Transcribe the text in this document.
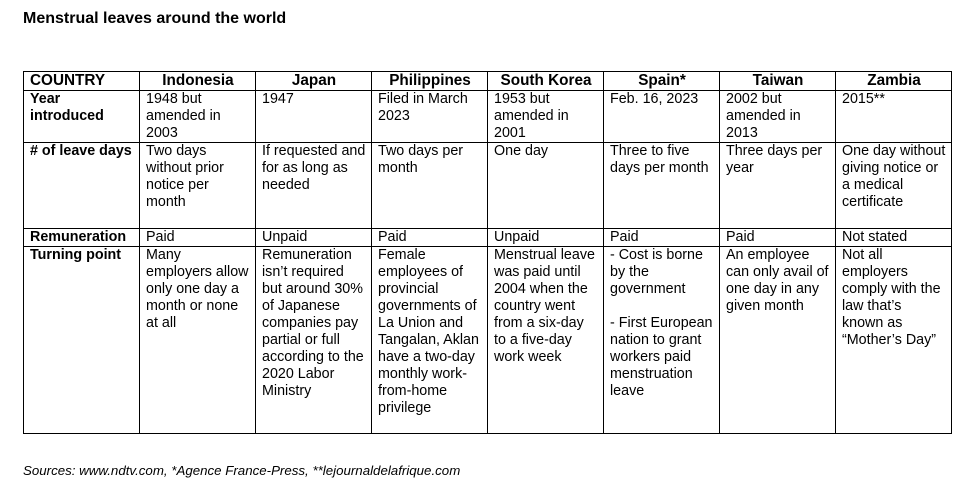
Menstrual leaves around the world
COUNTRY	Indonesia	Japan	Philippines	South Korea	Spain*	Taiwan	Zambia
Year introduced	1948 but amended in 2003	1947	Filed in March 2023	1953 but amended in 2001	Feb. 16, 2023	2002 but amended in 2013	2015**
# of leave days	Two days without prior notice per month	If requested and for as long as needed	Two days per month	One day	Three to five days per month	Three days per year	One day without giving notice or a medical certificate
Remuneration	Paid	Unpaid	Paid	Unpaid	Paid	Paid	Not stated
Turning point	Many employers allow only one day a month or none at all	Remuneration isn’t required but around 30% of Japanese companies pay partial or full according to the 2020 Labor Ministry	Female employees of provincial governments of La Union and Tangalan, Aklan have a two-day monthly work-from-home privilege	Menstrual leave was paid until 2004 when the country went from a six-day to a five-day work week	- Cost is borne by the government

- First European nation to grant workers paid menstruation leave	An employee can only avail of one day in any given month	Not all employers comply with the law that’s known as “Mother’s Day”

Sources: www.ndtv.com, *Agence France-Press, **lejournaldelafrique.com
